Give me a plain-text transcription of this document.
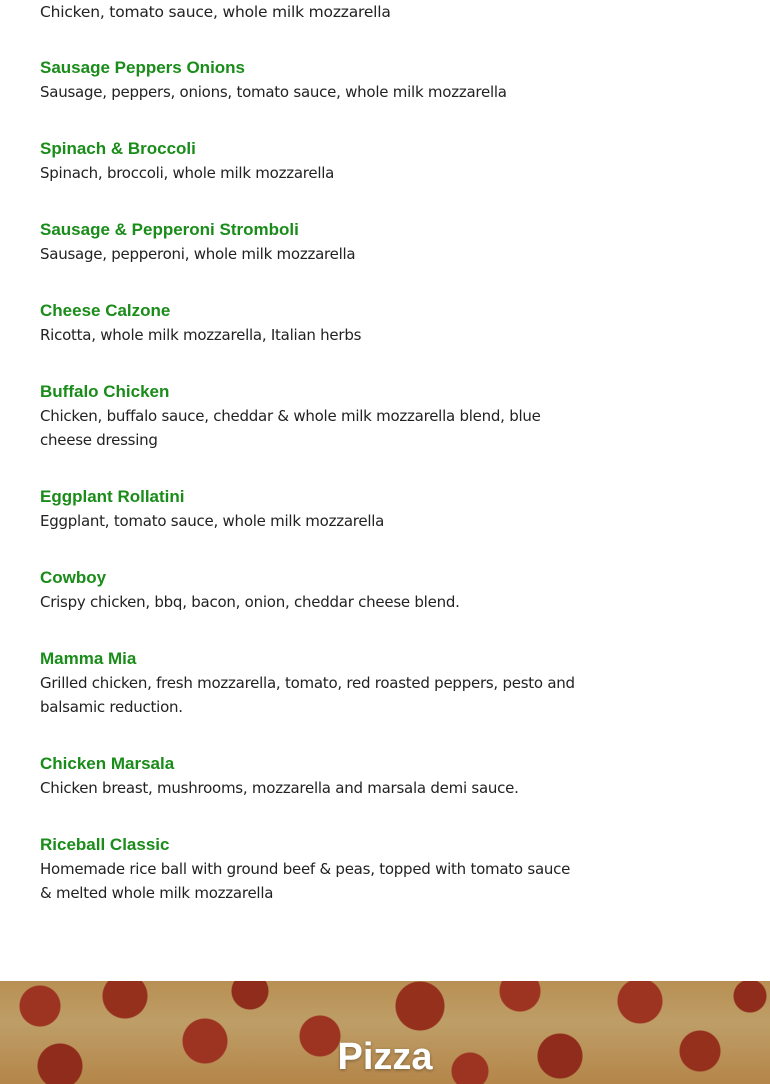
Chicken, tomato sauce, whole milk mozzarella

Sausage Peppers Onions

Sausage, peppers, onions, tomato sauce, whole milk mozzarella

Spinach & Broccoli

Spinach, broccoli, whole milk mozzarella

Sausage & Pepperoni Stromboli

Sausage, pepperoni, whole milk mozzarella

Cheese Calzone

Ricotta, whole milk mozzarella, Italian herbs

Buffalo Chicken

Chicken, buffalo sauce, cheddar & whole milk mozzarella blend, blue cheese dressing

Eggplant Rollatini

Eggplant, tomato sauce, whole milk mozzarella

Cowboy

Crispy chicken, bbq, bacon, onion, cheddar cheese blend.

Mamma Mia

Grilled chicken, fresh mozzarella, tomato, red roasted peppers, pesto and balsamic reduction.

Chicken Marsala

Chicken breast, mushrooms, mozzarella and marsala demi sauce.

Riceball Classic

Homemade rice ball with ground beef & peas, topped with tomato sauce & melted whole milk mozzarella

Pizza
